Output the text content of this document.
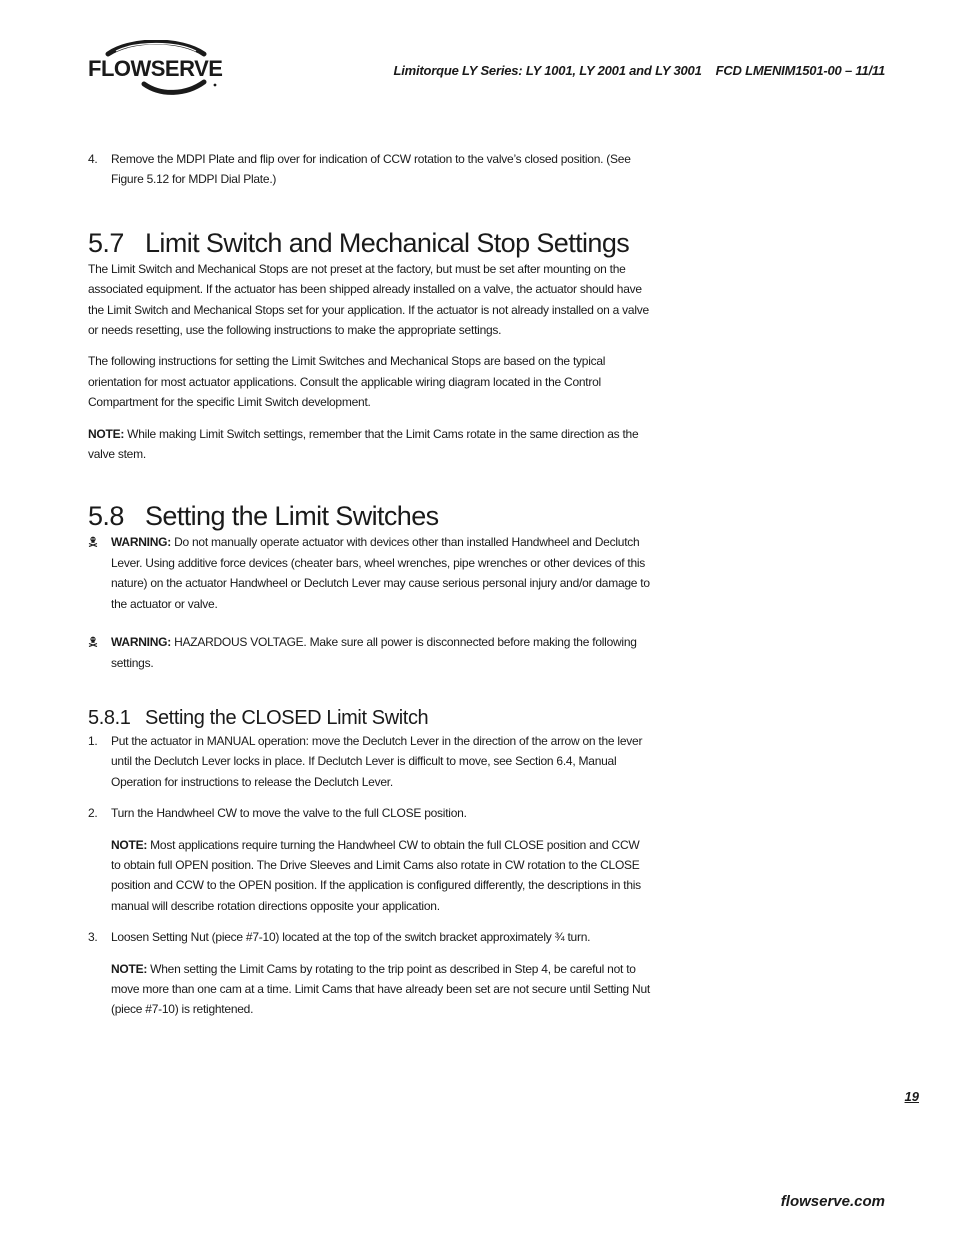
FLOWSERVE	Limitorque LY Series: LY 1001, LY 2001 and LY 3001 FCD LMENIM1501-00 – 11/11
4. Remove the MDPI Plate and flip over for indication of CCW rotation to the valve’s closed position. (See Figure 5.12 for MDPI Dial Plate.)
5.7 Limit Switch and Mechanical Stop Settings

The Limit Switch and Mechanical Stops are not preset at the factory, but must be set after mounting on the associated equipment. If the actuator has been shipped already installed on a valve, the actuator should have the Limit Switch and Mechanical Stops set for your application. If the actuator is not already installed on a valve or needs resetting, use the following instructions to make the appropriate settings.

The following instructions for setting the Limit Switches and Mechanical Stops are based on the typical orientation for most actuator applications. Consult the applicable wiring diagram located in the Control Compartment for the specific Limit Switch development.

NOTE: While making Limit Switch settings, remember that the Limit Cams rotate in the same direction as the valve stem.

5.8 Setting the Limit Switches
WARNING: Do not manually operate actuator with devices other than installed Handwheel and Declutch Lever. Using additive force devices (cheater bars, wheel wrenches, pipe wrenches or other devices of this nature) on the actuator Handwheel or Declutch Lever may cause serious personal injury and/or damage to the actuator or valve.
WARNING: HAZARDOUS VOLTAGE. Make sure all power is disconnected before making the following settings.
5.8.1 Setting the CLOSED Limit Switch
1. Put the actuator in MANUAL operation: move the Declutch Lever in the direction of the arrow on the lever until the Declutch Lever locks in place. If Declutch Lever is difficult to move, see Section 6.4, Manual Operation for instructions to release the Declutch Lever.
2. Turn the Handwheel CW to move the valve to the full CLOSE position.
NOTE: Most applications require turning the Handwheel CW to obtain the full CLOSE position and CCW to obtain full OPEN position. The Drive Sleeves and Limit Cams also rotate in CW rotation to the CLOSE position and CCW to the OPEN position. If the application is configured differently, the descriptions in this manual will describe rotation directions opposite your application.
3. Loosen Setting Nut (piece #7-10) located at the top of the switch bracket approximately ¾ turn.
NOTE: When setting the Limit Cams by rotating to the trip point as described in Step 4, be careful not to move more than one cam at a time. Limit Cams that have already been set are not secure until Setting Nut (piece #7-10) is retightened.
19
flowserve.com
